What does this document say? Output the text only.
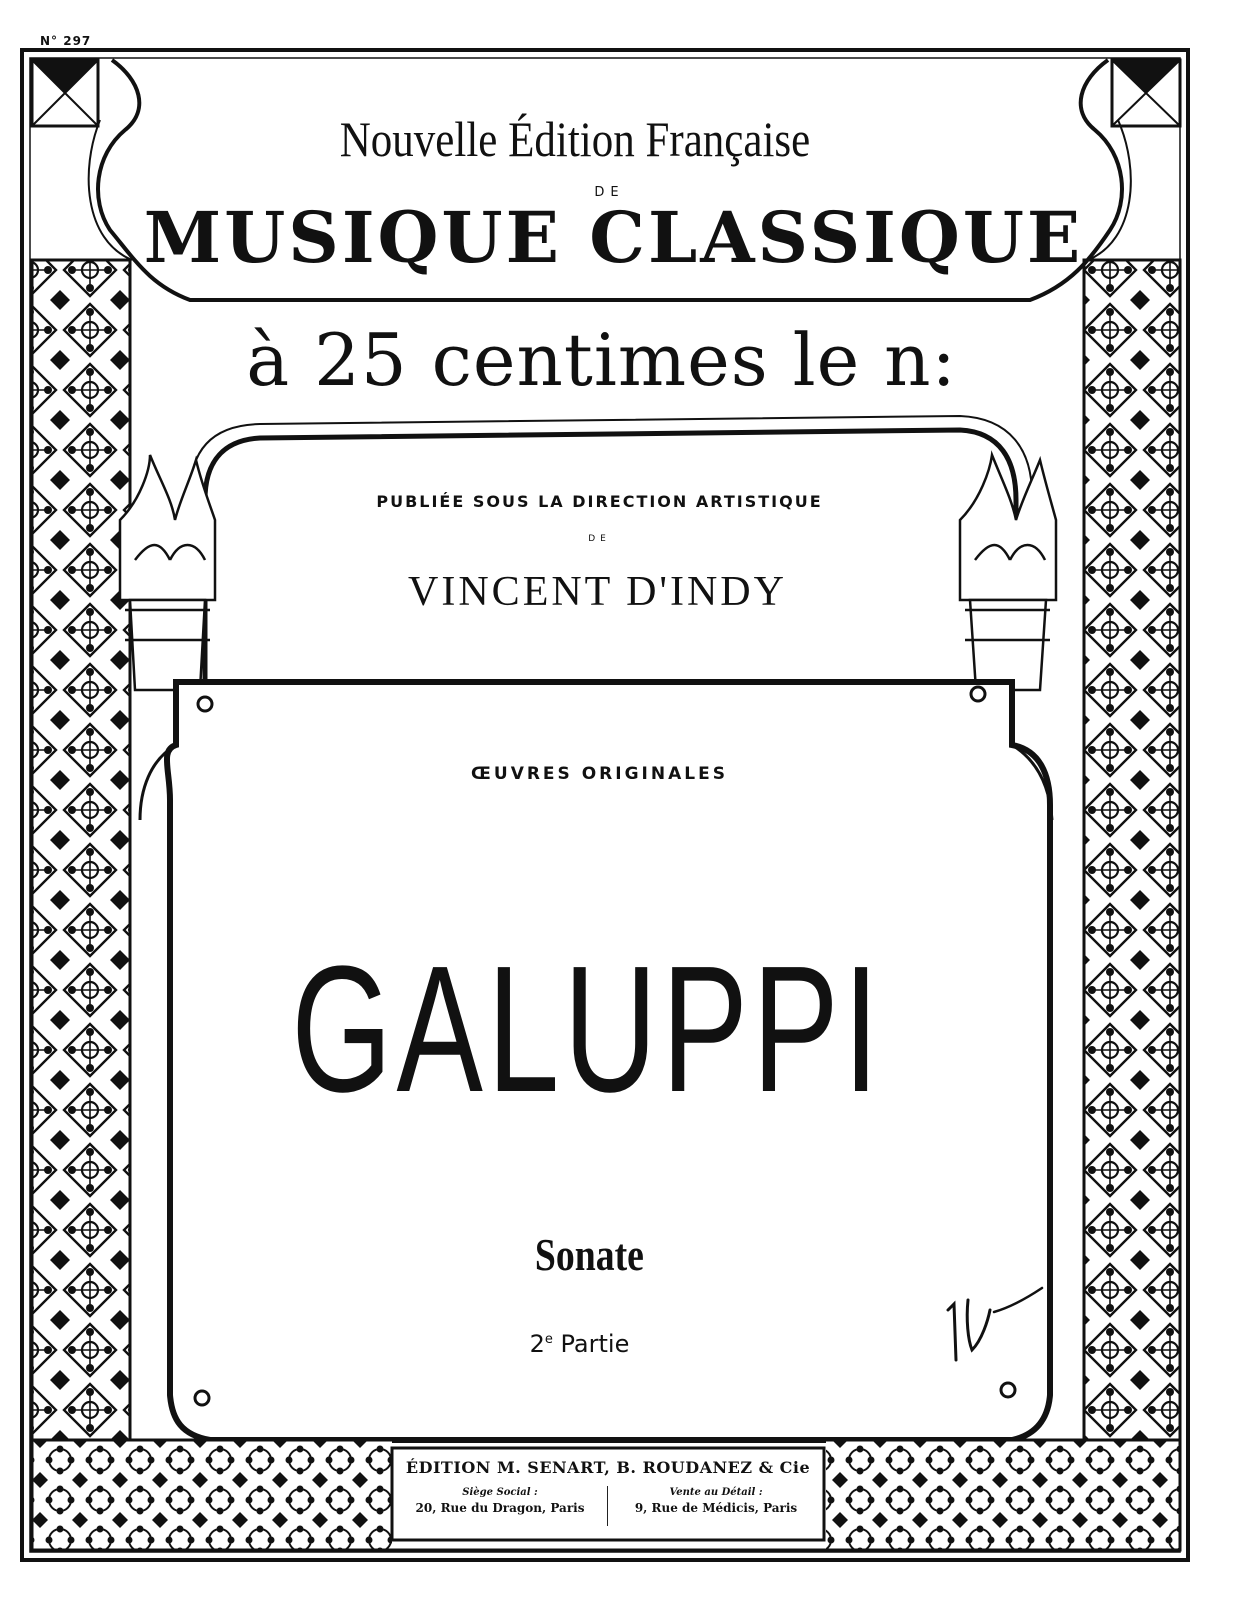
N° 297
Nouvelle Édition Française
DE
MUSIQUE CLASSIQUE
à 25 centimes le n:
PUBLIÉE SOUS LA DIRECTION ARTISTIQUE
DE
VINCENT D'INDY
ŒUVRES ORIGINALES
GALUPPI
Sonate
2e Partie
ÉDITION M. SENART, B. ROUDANEZ & Cie
Siège Social :
20, Rue du Dragon, Paris
Vente au Détail :
9, Rue de Médicis, Paris
